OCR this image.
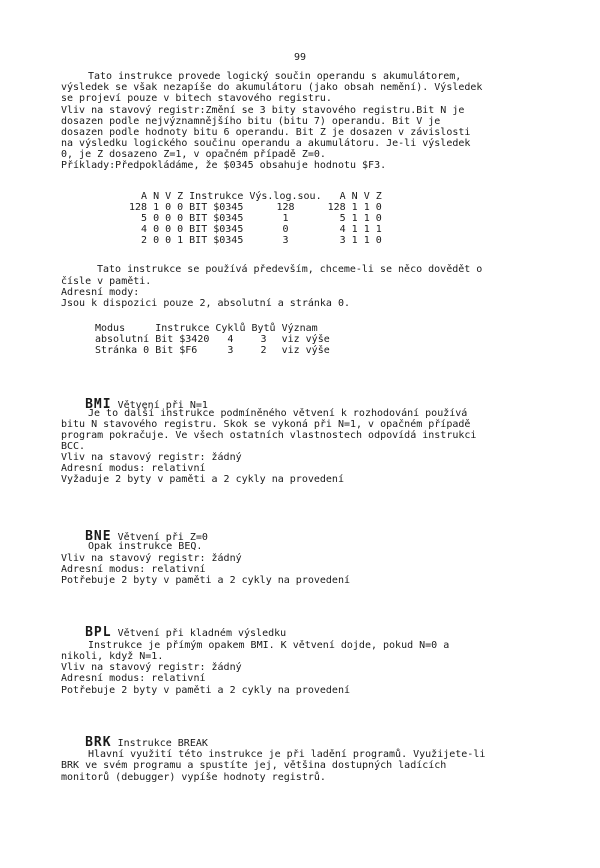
99
Tato instrukce provede logický součin operandu s akumulátorem,
výsledek se však nezapíše do akumulátoru (jako obsah nemění). Výsledek
se projeví pouze v bitech stavového registru.
Vliv na stavový registr:Změní se 3 bity stavového registru.Bit N je
dosazen podle nejvýznamnějšího bitu (bitu 7) operandu. Bit V je
dosazen podle hodnoty bitu 6 operandu. Bit Z je dosazen v závislosti
na výsledku logického součinu operandu a akumulátoru. Je-li výsledek
0, je Z dosazeno Z=1, v opačném případě Z=0.
Příklady:Předpokládáme, že $0345 obsahuje hodnotu $F3.
A	N	V	Z	Instrukce	Výs.log.sou.	A	N	V	Z
128	1	0	0	BIT $0345	128	128	1	1	0
5	0	0	0	BIT $0345	1	5	1	1	0
4	0	0	0	BIT $0345	0	4	1	1	1
2	0	0	1	BIT $0345	3	3	1	1	0
Tato instrukce se používá především, chceme-li se něco dovědět o
čísle v paměti.
Adresní mody:
Jsou k dispozici pouze 2, absolutní a stránka 0.
Modus	Instrukce	Cyklů	Bytů	Význam
absolutní	Bit $3420	4	3	viz výše
Stránka 0	Bit $F6	3	2	viz výše

BMI Větvení při N=1

Je to další instrukce podmíněného větvení k rozhodování používá
bitu N stavového registru. Skok se vykoná při N=1, v opačném případě
program pokračuje. Ve všech ostatních vlastnostech odpovídá instrukci
BCC.
Vliv na stavový registr: žádný
Adresní modus: relativní
Vyžaduje 2 byty v paměti a 2 cykly na provedení

BNE Větvení při Z=0

Opak instrukce BEQ.
Vliv na stavový registr: žádný
Adresní modus: relativní
Potřebuje 2 byty v paměti a 2 cykly na provedení

BPL Větvení při kladném výsledku

Instrukce je přímým opakem BMI. K větvení dojde, pokud N=0 a
nikoli, když N=1.
Vliv na stavový registr: žádný
Adresní modus: relativní
Potřebuje 2 byty v paměti a 2 cykly na provedení

BRK Instrukce BREAK

Hlavní využití této instrukce je při ladění programů. Využijete-li
BRK ve svém programu a spustíte jej, většina dostupných ladících
monitorů (debugger) vypíše hodnoty registrů.
